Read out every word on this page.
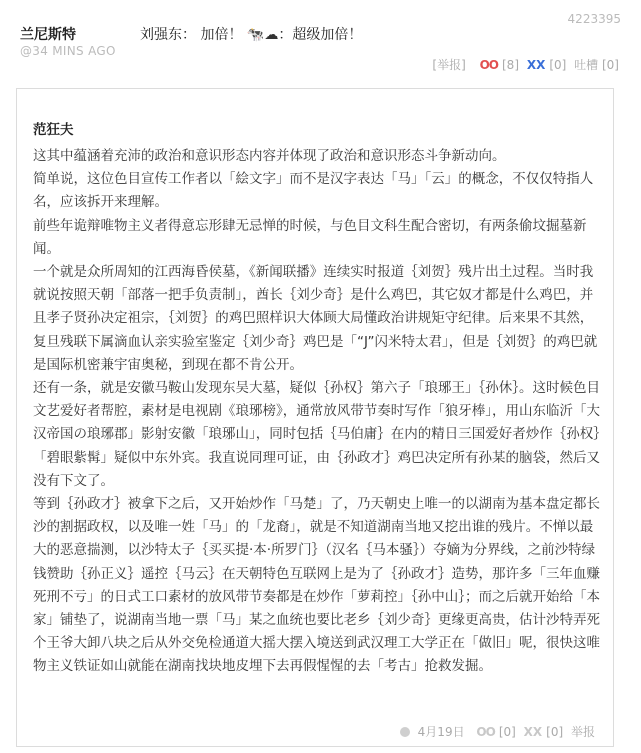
兰尼斯特
@34 MINS AGO
刘强东： 加倍！ 🐄☁：超级加倍！
4223395
[举报] OO [8] XX [0] 吐槽 [0]
范狂夫

这其中蕴涵着充沛的政治和意识形态内容并体现了政治和意识形态斗争新动向。

简单说，这位色目宣传工作者以「絵文字」而不是汉字表达「马」「云」的概念，不仅仅特指人名，应该拆开来理解。

前些年诡辩唯物主义者得意忘形肆无忌惮的时候，与色目文科生配合密切，有两条偷坟掘墓新闻。

一个就是众所周知的江西海昏侯墓，《新闻联播》连续实时报道｛刘贺｝残片出土过程。当时我就说按照天朝「部落一把手负责制」，酋长｛刘少奇｝是什么鸡巴，其它奴才都是什么鸡巴，并且孝子贤孙决定祖宗，｛刘贺｝的鸡巴照样识大体顾大局懂政治讲规矩守纪律。后来果不其然，复旦残联下属滴血认亲实验室鉴定｛刘少奇｝鸡巴是「“J”闪米特太君」，但是｛刘贺｝的鸡巴就是国际机密兼宇宙奥秘，到现在都不肯公开。

还有一条，就是安徽马鞍山发现东吴大墓，疑似｛孙权｝第六子「琅琊王」｛孙休｝。这时候色目文艺爱好者帮腔，素材是电视剧《琅琊榜》，通常放风带节奏时写作「狼牙棒」，用山东临沂「大汉帝国の琅琊郡」影射安徽「琅琊山」，同时包括｛马伯庸｝在内的精日三国爱好者炒作｛孙权｝「碧眼紫髯」疑似中东外宾。我直说同理可证，由｛孙政才｝鸡巴决定所有孙某的脑袋，然后又没有下文了。

等到｛孙政才｝被拿下之后，又开始炒作「马楚」了，乃天朝史上唯一的以湖南为基本盘定都长沙的割据政权，以及唯一姓「马」的「龙裔」，就是不知道湖南当地又挖出谁的残片。不惮以最大的恶意揣测，以沙特太子｛买买提·本·所罗门｝（汉名｛马本骚｝）夺嫡为分界线，之前沙特绿钱赞助｛孙正义｝遥控｛马云｝在天朝特色互联网上是为了｛孙政才｝造势，那许多「三年血赚死刑不亏」的日式工口素材的放风带节奏都是在炒作「萝莉控」｛孙中山｝；而之后就开始给「本家」铺垫了，说湖南当地一票「马」某之血统也要比老乡｛刘少奇｝更缘更高贵，估计沙特弄死个王爷大卸八块之后从外交免检通道大摇大摆入境送到武汉理工大学正在「做旧」呢，很快这唯物主义铁证如山就能在湖南找块地皮埋下去再假惺惺的去「考古」抢救发掘。

4月19日 OO [0] XX [0] 举报
